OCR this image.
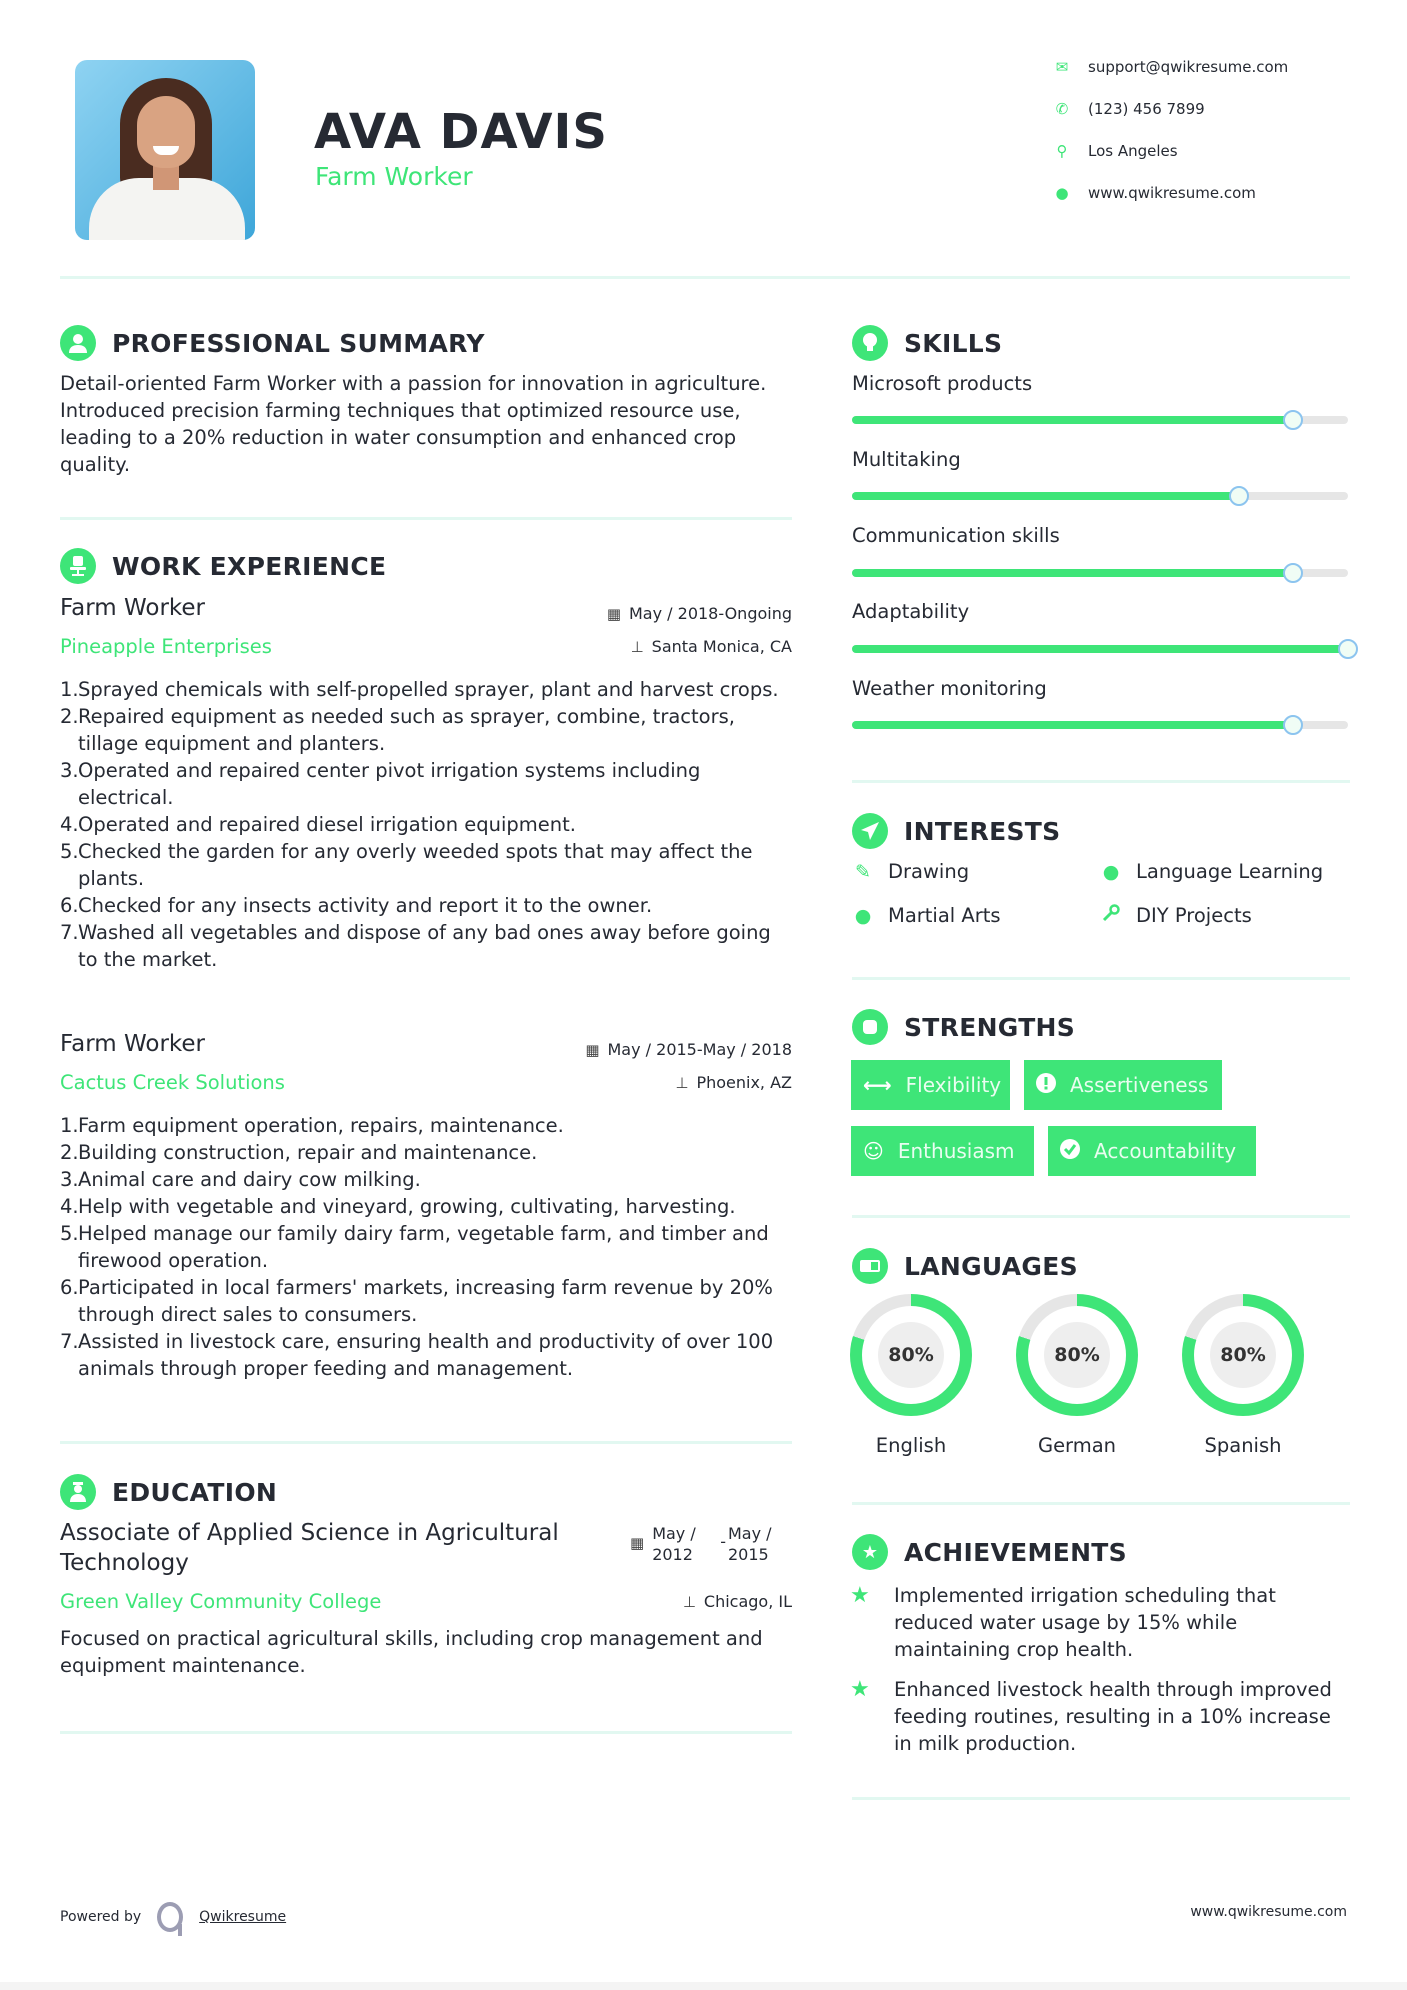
AVA DAVIS
Farm Worker
✉	support@qwikresume.com
✆	(123) 456 7899
⚲	Los Angeles
●	www.qwikresume.com
PROFESSIONAL SUMMARY
Detail-oriented Farm Worker with a passion for innovation in agriculture. Introduced precision farming techniques that optimized resource use, leading to a 20% reduction in water consumption and enhanced crop quality.
WORK EXPERIENCE
Farm Worker	▦ May / 2018-Ongoing
Pineapple Enterprises	⊥ Santa Monica, CA
1. Sprayed chemicals with self-propelled sprayer, plant and harvest crops.
2. Repaired equipment as needed such as sprayer, combine, tractors, tillage equipment and planters.
3. Operated and repaired center pivot irrigation systems including electrical.
4. Operated and repaired diesel irrigation equipment.
5. Checked the garden for any overly weeded spots that may affect the plants.
6. Checked for any insects activity and report it to the owner.
7. Washed all vegetables and dispose of any bad ones away before going to the market.
Farm Worker	▦ May / 2015-May / 2018
Cactus Creek Solutions	⊥ Phoenix, AZ
1. Farm equipment operation, repairs, maintenance.
2. Building construction, repair and maintenance.
3. Animal care and dairy cow milking.
4. Help with vegetable and vineyard, growing, cultivating, harvesting.
5. Helped manage our family dairy farm, vegetable farm, and timber and firewood operation.
6. Participated in local farmers' markets, increasing farm revenue by 20% through direct sales to consumers.
7. Assisted in livestock care, ensuring health and productivity of over 100 animals through proper feeding and management.
EDUCATION
Associate of Applied Science in Agricultural Technology
▦ May / 2012
- May / 2015
Green Valley Community College	⊥ Chicago, IL
Focused on practical agricultural skills, including crop management and equipment maintenance.
SKILLS
Microsoft products
Multitaking
Communication skills
Adaptability
Weather monitoring
INTERESTS
✎ Drawing	● Language Learning
● Martial Arts	DIY Projects
STRENGTHS
⟷ Flexibility	Assertiveness
☺ Enthusiasm	Accountability
LANGUAGES
80%
English
80%
German
80%
Spanish
★	ACHIEVEMENTS
★	Implemented irrigation scheduling that reduced water usage by 15% while maintaining crop health.
★	Enhanced livestock health through improved feeding routines, resulting in a 10% increase in milk production.
Powered by	Qwikresume	www.qwikresume.com
